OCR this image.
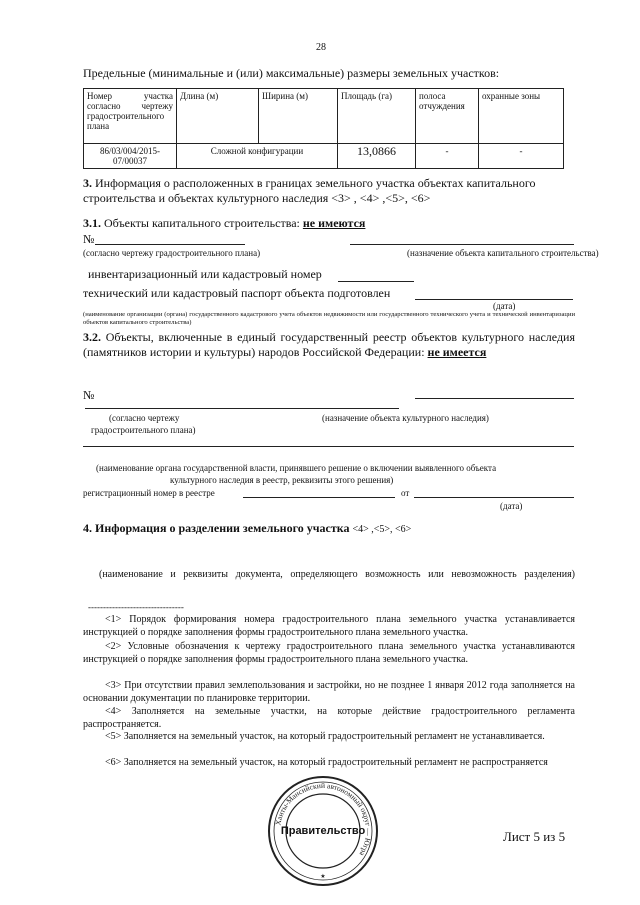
28
Предельные (минимальные и (или) максимальные) размеры земельных участков:
Номер участка согласно чертежу градостроительного плана	Длина (м)	Ширина (м)	Площадь (га)	полоса отчуждения	охранные зоны
86/03/004/2015-07/00037	Сложной конфигурации		13,0866	-	-
3. Информация о расположенных в границах земельного участка объектах капитального строительства и объектах культурного наследия <3> , <4> ,<5>, <6>
3.1. Объекты капитального строительства: не имеются
№
(согласно чертежу градостроительного плана)	(назначение объекта капитального строительства)
инвентаризационный или кадастровый номер
технический или кадастровый паспорт объекта подготовлен
(дата)
(наименование организации (органа) государственного кадастрового учета объектов недвижимости или государственного технического учета и технической инвентаризации объектов капитального строительства)
3.2. Объекты, включенные в единый государственный реестр объектов культурного наследия (памятников истории и культуры) народов Российской Федерации: не имеется
№
(согласно чертежу
градостроительного плана)
(назначение объекта культурного наследия)
(наименование органа государственной власти, принявшего решение о включении выявленного объекта
культурного наследия в реестр, реквизиты этого решения)
регистрационный номер в реестре	от
(дата)
4. Информация о разделении земельного участка <4> ,<5>, <6>
(наименование и реквизиты документа, определяющего возможность или невозможность разделения)
--------------------------------
<1> Порядок формирования номера градостроительного плана земельного участка устанавливается инструкцией о порядке заполнения формы градостроительного плана земельного участка.
<2> Условные обозначения к чертежу градостроительного плана земельного участка устанавливаются инструкцией о порядке заполнения формы градостроительного плана земельного участка.
<3> При отсутствии правил землепользования и застройки, но не позднее 1 января 2012 года заполняется на основании документации по планировке территории.
<4> Заполняется на земельные участки, на которые действие градостроительного регламента распространяется.
<5> Заполняется на земельный участок, на который градостроительный регламент не устанавливается.
<6> Заполняется на земельный участок, на который градостроительный регламент не распространяется
Ханты-Мансийский автономный округ — Югра
Правительство
★
Лист 5 из 5
